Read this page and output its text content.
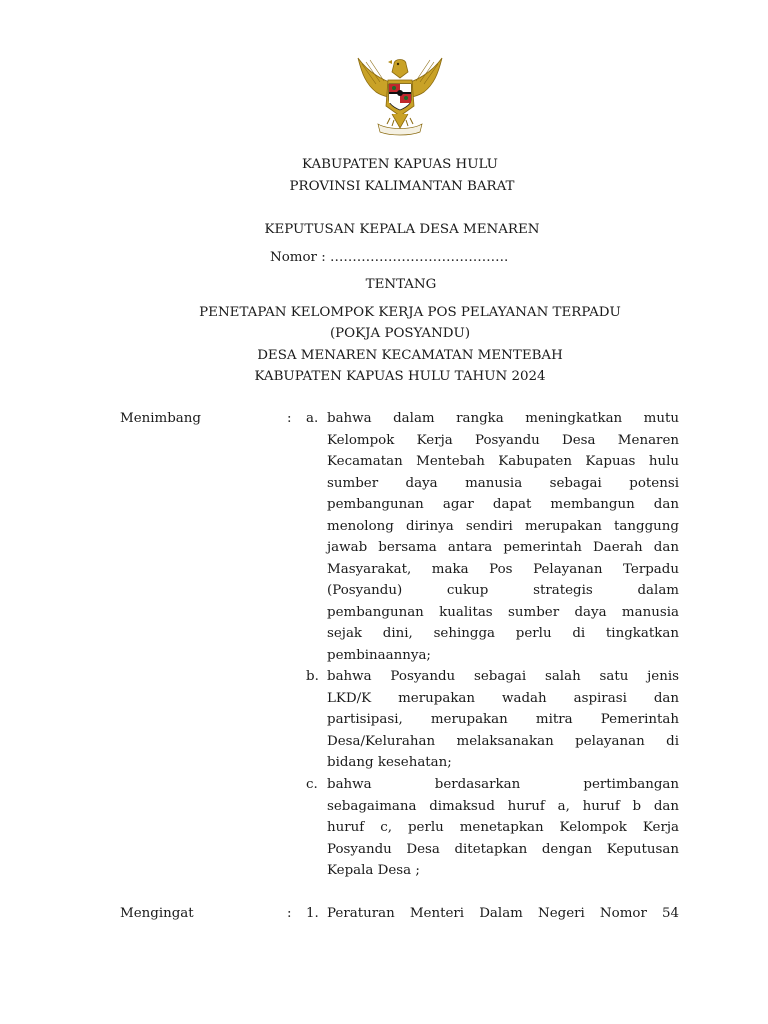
KABUPATEN KAPUAS HULU
PROVINSI KALIMANTAN BARAT
KEPUTUSAN KEPALA DESA MENAREN
Nomor : ………………………………….
TENTANG
PENETAPAN KELOMPOK KERJA POS PELAYANAN TERPADU
(POKJA POSYANDU)
DESA MENAREN KECAMATAN MENTEBAH
KABUPATEN KAPUAS HULU TAHUN 2024
Menimbang	: a. bahwa dalam rangka meningkatkan mutu
Kelompok Kerja Posyandu Desa Menaren
Kecamatan Mentebah Kabupaten Kapuas hulu
sumber daya manusia sebagai potensi
pembangunan agar dapat membangun dan
menolong dirinya sendiri merupakan tanggung
jawab bersama antara pemerintah Daerah dan
Masyarakat, maka Pos Pelayanan Terpadu
(Posyandu) cukup strategis dalam
pembangunan kualitas sumber daya manusia
sejak dini, sehingga perlu di tingkatkan
pembinaannya;
b. bahwa Posyandu sebagai salah satu jenis
LKD/K merupakan wadah aspirasi dan
partisipasi, merupakan mitra Pemerintah
Desa/Kelurahan melaksanakan pelayanan di
bidang kesehatan;
c. bahwa berdasarkan pertimbangan
sebagaimana dimaksud huruf a, huruf b dan
huruf c, perlu menetapkan Kelompok Kerja
Posyandu Desa ditetapkan dengan Keputusan
Kepala Desa ;
Mengingat	: 1. Peraturan Menteri Dalam Negeri Nomor 54
